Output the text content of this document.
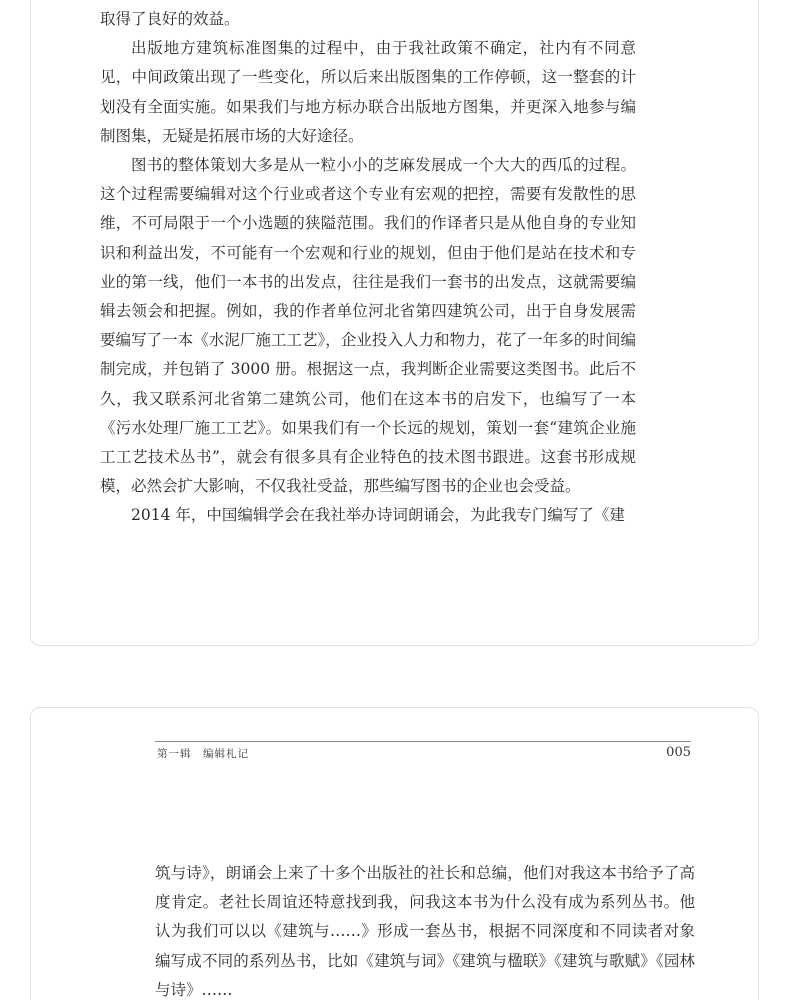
取得了良好的效益。

出版地方建筑标准图集的过程中，由于我社政策不确定，社内有不同意见，中间政策出现了一些变化，所以后来出版图集的工作停顿，这一整套的计划没有全面实施。如果我们与地方标办联合出版地方图集，并更深入地参与编制图集，无疑是拓展市场的大好途径。

图书的整体策划大多是从一粒小小的芝麻发展成一个大大的西瓜的过程。这个过程需要编辑对这个行业或者这个专业有宏观的把控，需要有发散性的思维，不可局限于一个小选题的狭隘范围。我们的作译者只是从他自身的专业知识和利益出发，不可能有一个宏观和行业的规划，但由于他们是站在技术和专业的第一线，他们一本书的出发点，往往是我们一套书的出发点，这就需要编辑去领会和把握。例如，我的作者单位河北省第四建筑公司，出于自身发展需要编写了一本《水泥厂施工工艺》，企业投入人力和物力，花了一年多的时间编制完成，并包销了 3000 册。根据这一点，我判断企业需要这类图书。此后不久，我又联系河北省第二建筑公司，他们在这本书的启发下，也编写了一本《污水处理厂施工工艺》。如果我们有一个长远的规划，策划一套“建筑企业施工工艺技术丛书”，就会有很多具有企业特色的技术图书跟进。这套书形成规模，必然会扩大影响，不仅我社受益，那些编写图书的企业也会受益。

2014 年，中国编辑学会在我社举办诗词朗诵会，为此我专门编写了《建

第一辑　编辑札记	005

筑与诗》，朗诵会上来了十多个出版社的社长和总编，他们对我这本书给予了高度肯定。老社长周谊还特意找到我，问我这本书为什么没有成为系列丛书。他认为我们可以以《建筑与……》形成一套丛书，根据不同深度和不同读者对象编写成不同的系列丛书，比如《建筑与词》《建筑与楹联》《建筑与歌赋》《园林与诗》……
